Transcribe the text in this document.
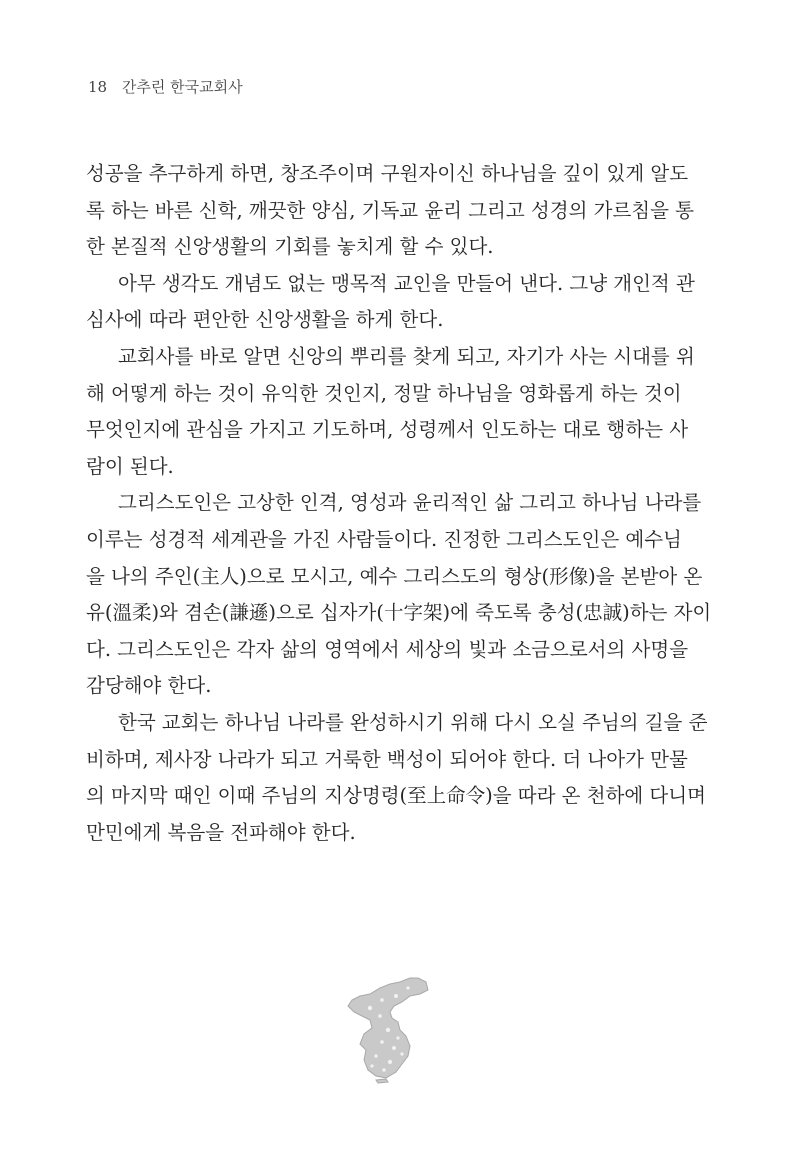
18 간추린 한국교회사
성공을 추구하게 하면, 창조주이며 구원자이신 하나님을 깊이 있게 알도
록 하는 바른 신학, 깨끗한 양심, 기독교 윤리 그리고 성경의 가르침을 통
한 본질적 신앙생활의 기회를 놓치게 할 수 있다.
아무 생각도 개념도 없는 맹목적 교인을 만들어 낸다. 그냥 개인적 관
심사에 따라 편안한 신앙생활을 하게 한다.
교회사를 바로 알면 신앙의 뿌리를 찾게 되고, 자기가 사는 시대를 위
해 어떻게 하는 것이 유익한 것인지, 정말 하나님을 영화롭게 하는 것이
무엇인지에 관심을 가지고 기도하며, 성령께서 인도하는 대로 행하는 사
람이 된다.
그리스도인은 고상한 인격, 영성과 윤리적인 삶 그리고 하나님 나라를
이루는 성경적 세계관을 가진 사람들이다. 진정한 그리스도인은 예수님
을 나의 주인(主人)으로 모시고, 예수 그리스도의 형상(形像)을 본받아 온
유(溫柔)와 겸손(謙遜)으로 십자가(十字架)에 죽도록 충성(忠誠)하는 자이
다. 그리스도인은 각자 삶의 영역에서 세상의 빛과 소금으로서의 사명을
감당해야 한다.
한국 교회는 하나님 나라를 완성하시기 위해 다시 오실 주님의 길을 준
비하며, 제사장 나라가 되고 거룩한 백성이 되어야 한다. 더 나아가 만물
의 마지막 때인 이때 주님의 지상명령(至上命令)을 따라 온 천하에 다니며
만민에게 복음을 전파해야 한다.
